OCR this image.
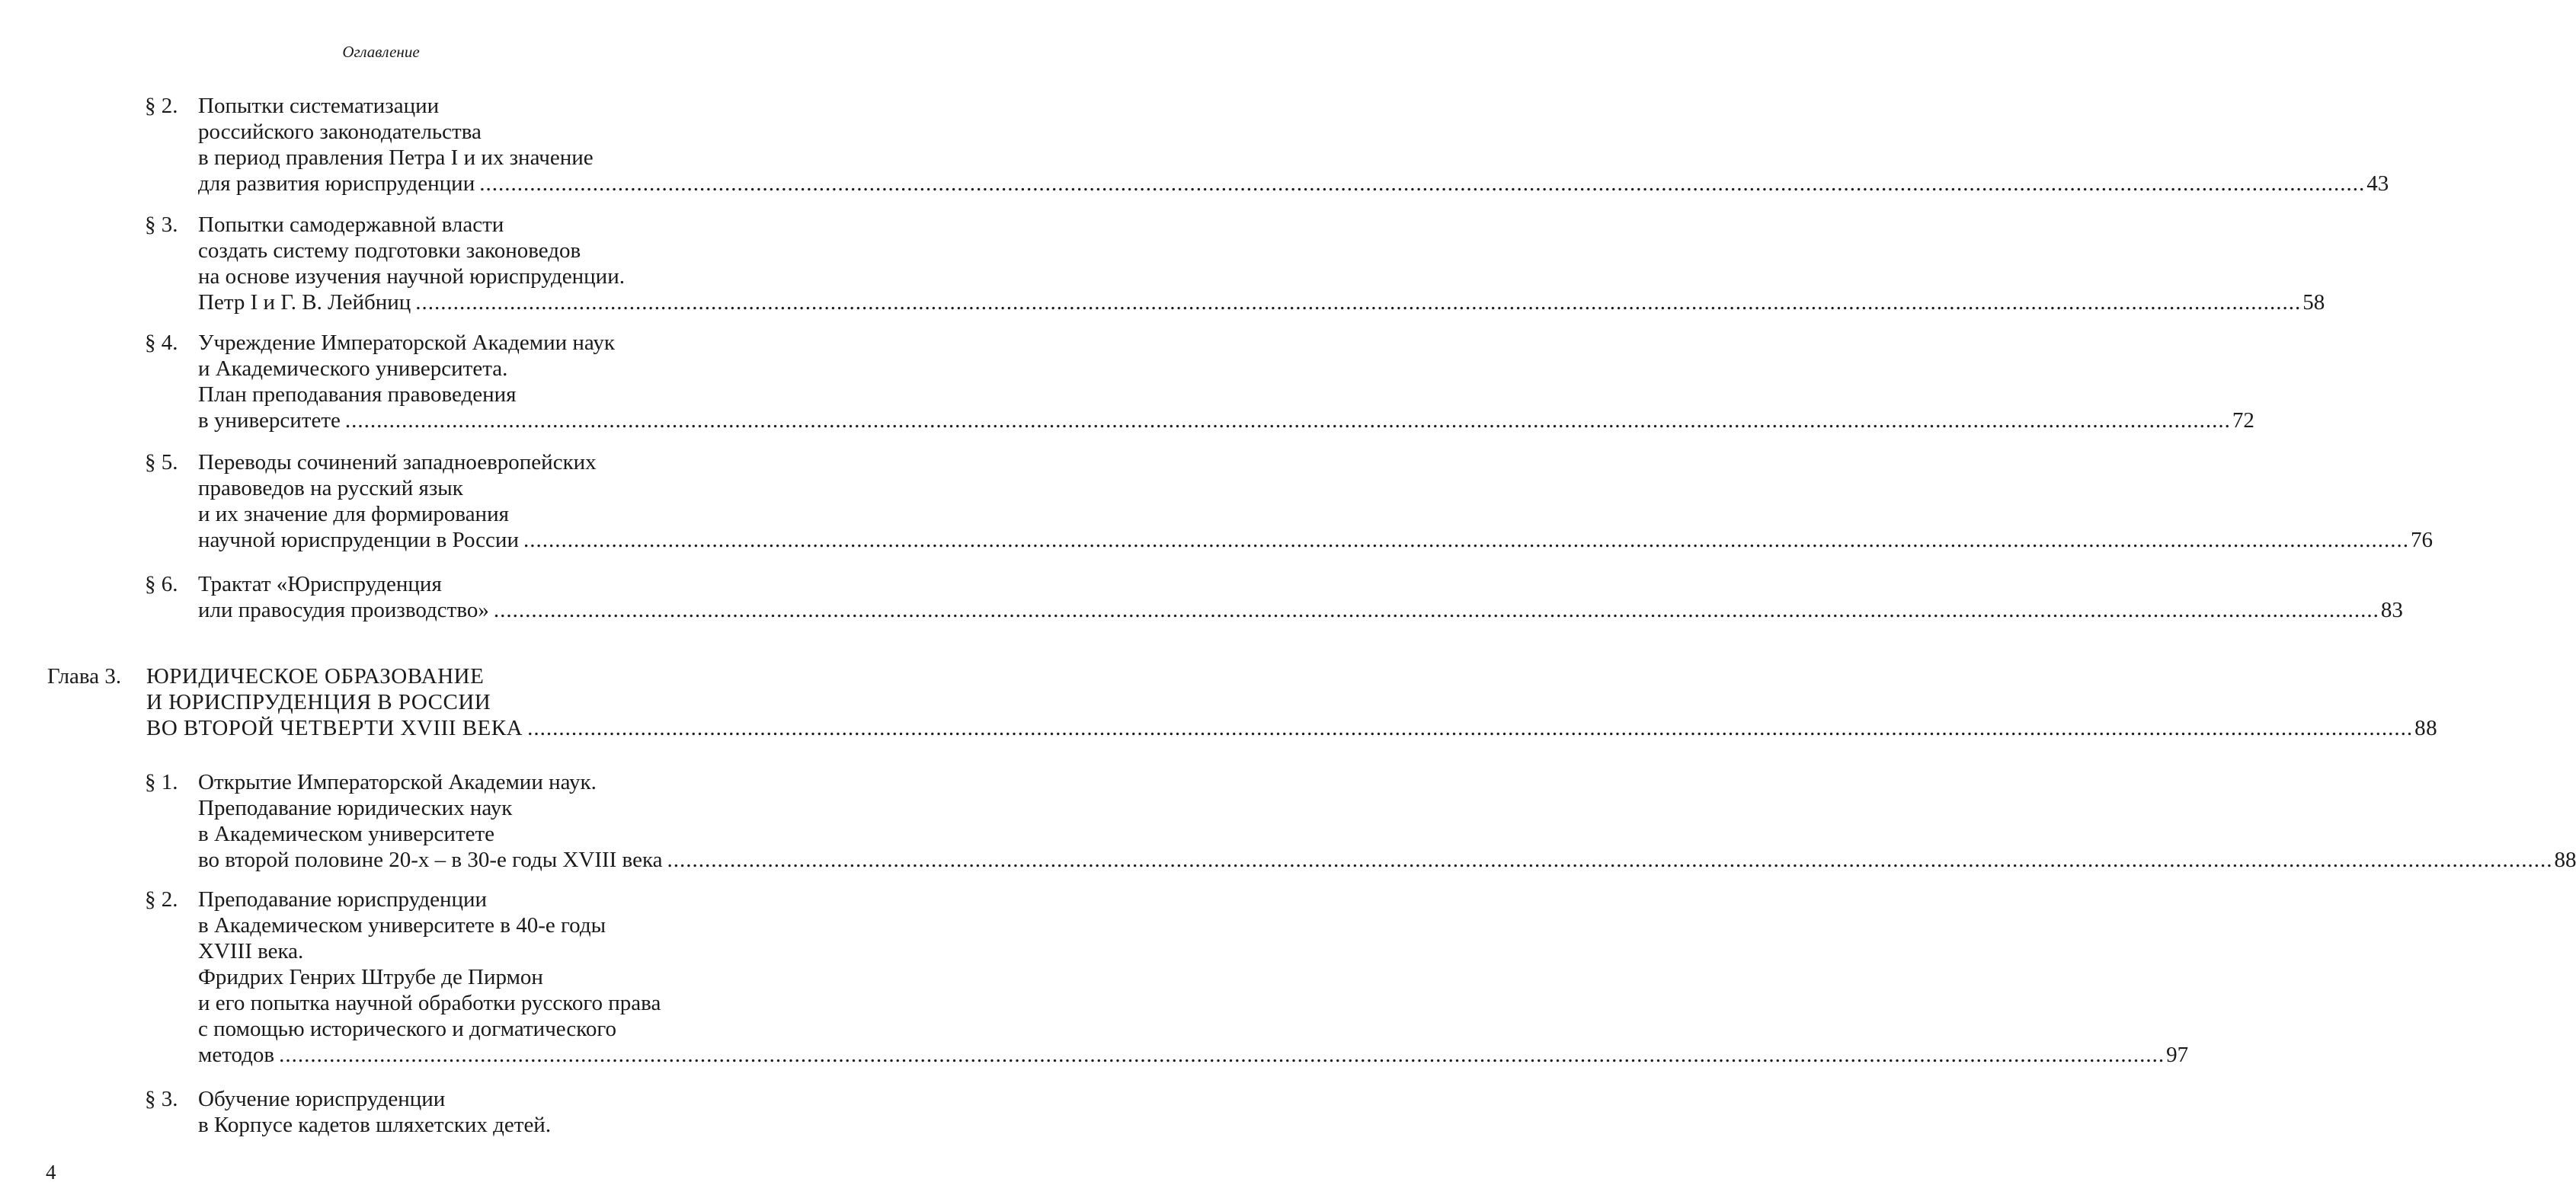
Оглавление
§ 2. Попытки систематизации
российского законодательства
в период правления Петра I и их значение
для развития юриспруденции ............................................................................................................................................................................................................................................................................................................ 43
§ 3. Попытки самодержавной власти
создать систему подготовки законоведов
на основе изучения научной юриспруденции.
Петр I и Г. В. Лейбниц ............................................................................................................................................................................................................................................................................................................ 58
§ 4. Учреждение Императорской Академии наук
и Академического университета.
План преподавания правоведения
в университете ............................................................................................................................................................................................................................................................................................................ 72
§ 5. Переводы сочинений западноевропейских
правоведов на русский язык
и их значение для формирования
научной юриспруденции в России ............................................................................................................................................................................................................................................................................................................ 76
§ 6. Трактат «Юриспруденция
или правосудия производство» ............................................................................................................................................................................................................................................................................................................ 83
Глава 3. ЮРИДИЧЕСКОЕ ОБРАЗОВАНИЕ
И ЮРИСПРУДЕНЦИЯ В РОССИИ
ВО ВТОРОЙ ЧЕТВЕРТИ XVIII ВЕКА ............................................................................................................................................................................................................................................................................................................ 88
§ 1. Открытие Императорской Академии наук.
Преподавание юридических наук
в Академическом университете
во второй половине 20-х – в 30-е годы XVIII века ............................................................................................................................................................................................................................................................................................................ 88
§ 2. Преподавание юриспруденции
в Академическом университете в 40-е годы
XVIII века.
Фридрих Генрих Штрубе де Пирмон
и его попытка научной обработки русского права
с помощью исторического и догматического
методов ............................................................................................................................................................................................................................................................................................................ 97
§ 3. Обучение юриспруденции
в Корпусе кадетов шляхетских детей.
4
